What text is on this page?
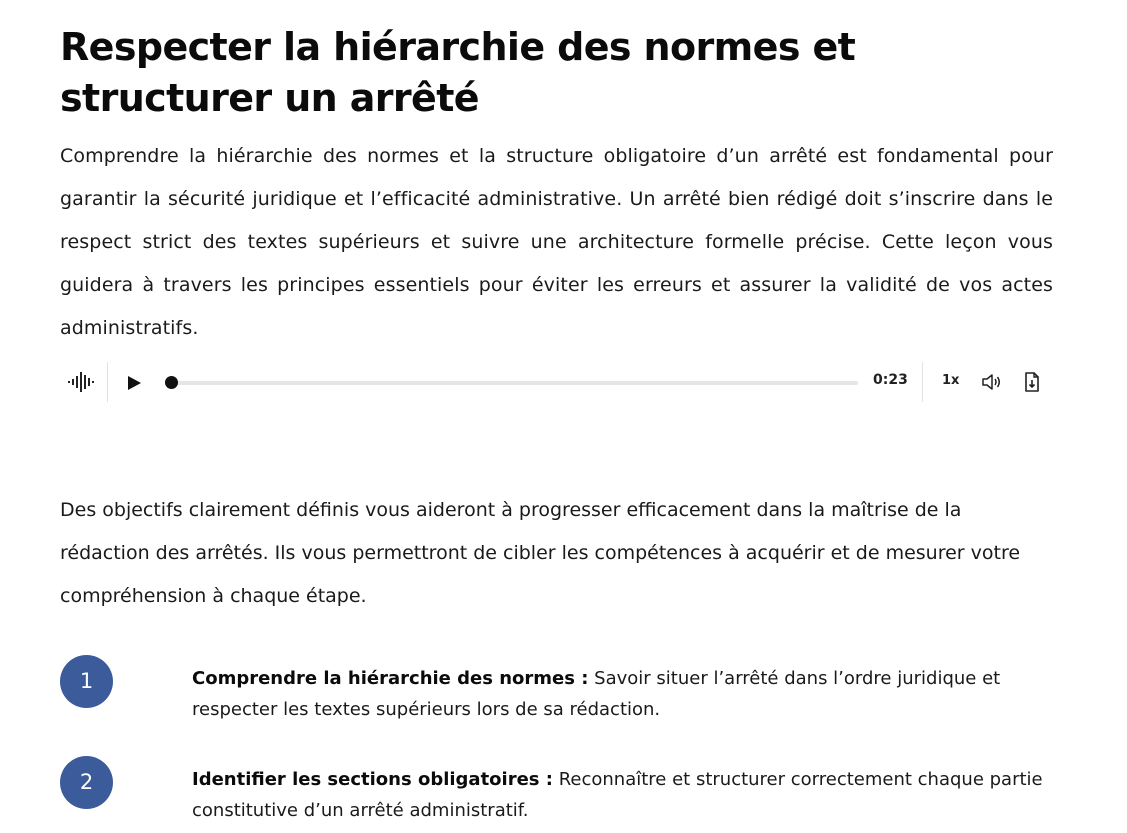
Respecter la hiérarchie des normes et structurer un arrêté

Comprendre la hiérarchie des normes et la structure obligatoire d’un arrêté est fondamental pour garantir la sécurité juridique et l’efficacité administrative. Un arrêté bien rédigé doit s’inscrire dans le respect strict des textes supérieurs et suivre une architecture formelle précise. Cette leçon vous guidera à travers les principes essentiels pour éviter les erreurs et assurer la validité de vos actes administratifs.

0:23	1x

Des objectifs clairement définis vous aideront à progresser efficacement dans la maîtrise de la rédaction des arrêtés. Ils vous permettront de cibler les compétences à acquérir et de mesurer votre compréhension à chaque étape.

1	Comprendre la hiérarchie des normes : Savoir situer l’arrêté dans l’ordre juridique et respecter les textes supérieurs lors de sa rédaction.

2	Identifier les sections obligatoires : Reconnaître et structurer correctement chaque partie constitutive d’un arrêté administratif.
